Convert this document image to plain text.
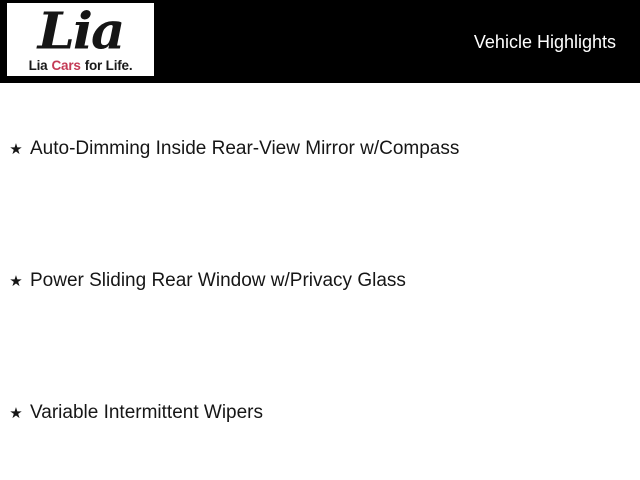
Lia
Lia Cars for Life.
Vehicle Highlights
★ Auto-Dimming Inside Rear-View Mirror w/Compass
★ Power Sliding Rear Window w/Privacy Glass
★ Variable Intermittent Wipers
